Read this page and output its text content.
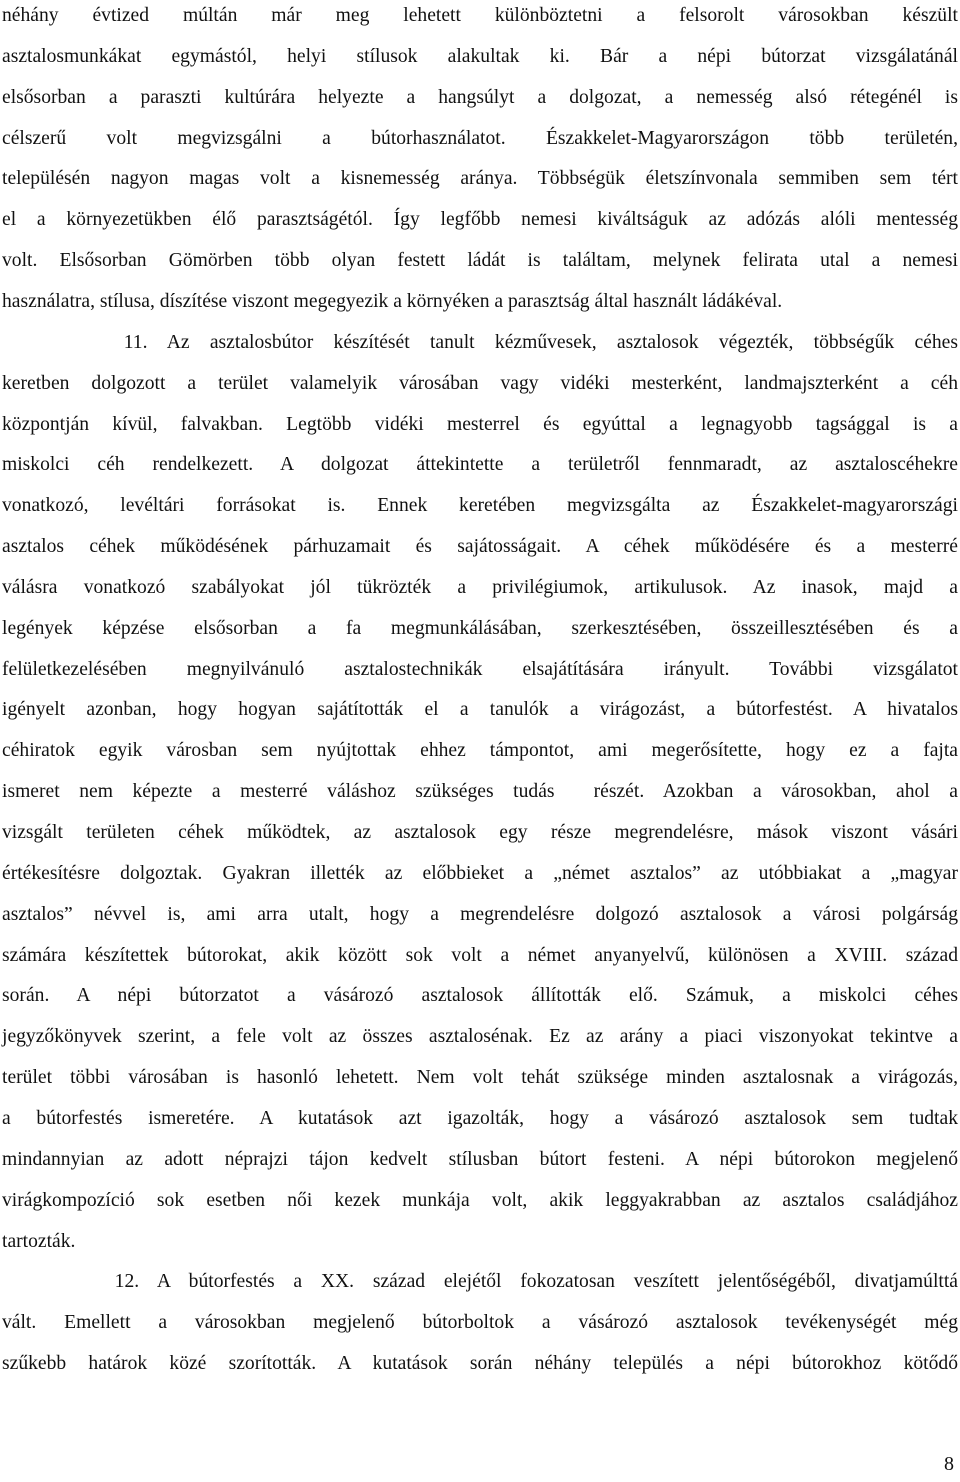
néhány évtized múltán már meg lehetett különböztetni a felsorolt városokban készült
asztalosmunkákat egymástól, helyi stílusok alakultak ki. Bár a népi bútorzat vizsgálatánál
elsősorban a paraszti kultúrára helyezte a hangsúlyt a dolgozat, a nemesség alsó rétegénél is
célszerű volt megvizsgálni a bútorhasználatot. Északkelet-Magyarországon több területén,
településén nagyon magas volt a kisnemesség aránya. Többségük életszínvonala semmiben sem tért
el a környezetükben élő parasztságétól. Így legfőbb nemesi kiváltságuk az adózás alóli mentesség
volt. Elsősorban Gömörben több olyan festett ládát is találtam, melynek felirata utal a nemesi
használatra, stílusa, díszítése viszont megegyezik a környéken a parasztság által használt ládákéval.
11. Az asztalosbútor készítését tanult kézművesek, asztalosok végezték, többségűk céhes
keretben dolgozott a terület valamelyik városában vagy vidéki mesterként, landmajszterként a céh
központján kívül, falvakban. Legtöbb vidéki mesterrel és egyúttal a legnagyobb tagsággal is a
miskolci céh rendelkezett. A dolgozat áttekintette a területről fennmaradt, az asztaloscéhekre
vonatkozó, levéltári forrásokat is. Ennek keretében megvizsgálta az Északkelet-magyarországi
asztalos céhek működésének párhuzamait és sajátosságait. A céhek működésére és a mesterré
válásra vonatkozó szabályokat jól tükrözték a privilégiumok, artikulusok. Az inasok, majd a
legények képzése elsősorban a fa megmunkálásában, szerkesztésében, összeillesztésében és a
felületkezelésében megnyilvánuló asztalostechnikák elsajátítására irányult. További vizsgálatot
igényelt azonban, hogy hogyan sajátították el a tanulók a virágozást, a bútorfestést. A hivatalos
céhiratok egyik városban sem nyújtottak ehhez támpontot, ami megerősítette, hogy ez a fajta
ismeret nem képezte a mesterré váláshoz szükséges tudás  részét. Azokban a városokban, ahol a
vizsgált területen céhek működtek, az asztalosok egy része megrendelésre, mások viszont vásári
értékesítésre dolgoztak. Gyakran illették az előbbieket a „német asztalos” az utóbbiakat a „magyar
asztalos” névvel is, ami arra utalt, hogy a megrendelésre dolgozó asztalosok a városi polgárság
számára készítettek bútorokat, akik között sok volt a német anyanyelvű, különösen a XVIII. század
során. A népi bútorzatot a vásározó asztalosok állították elő. Számuk, a miskolci céhes
jegyzőkönyvek szerint, a fele volt az összes asztalosénak. Ez az arány a piaci viszonyokat tekintve a
terület többi városában is hasonló lehetett. Nem volt tehát szüksége minden asztalosnak a virágozás,
a bútorfestés ismeretére. A kutatások azt igazolták, hogy a vásározó asztalosok sem tudtak
mindannyian az adott néprajzi tájon kedvelt stílusban bútort festeni. A népi bútorokon megjelenő
virágkompozíció sok esetben női kezek munkája volt, akik leggyakrabban az asztalos családjához
tartozták.
12. A bútorfestés a XX. század elejétől fokozatosan veszített jelentőségéből, divatjamúlttá
vált. Emellett a városokban megjelenő bútorboltok a vásározó asztalosok tevékenységét még
szűkebb határok közé szorították. A kutatások során néhány település a népi bútorokhoz kötődő
8
